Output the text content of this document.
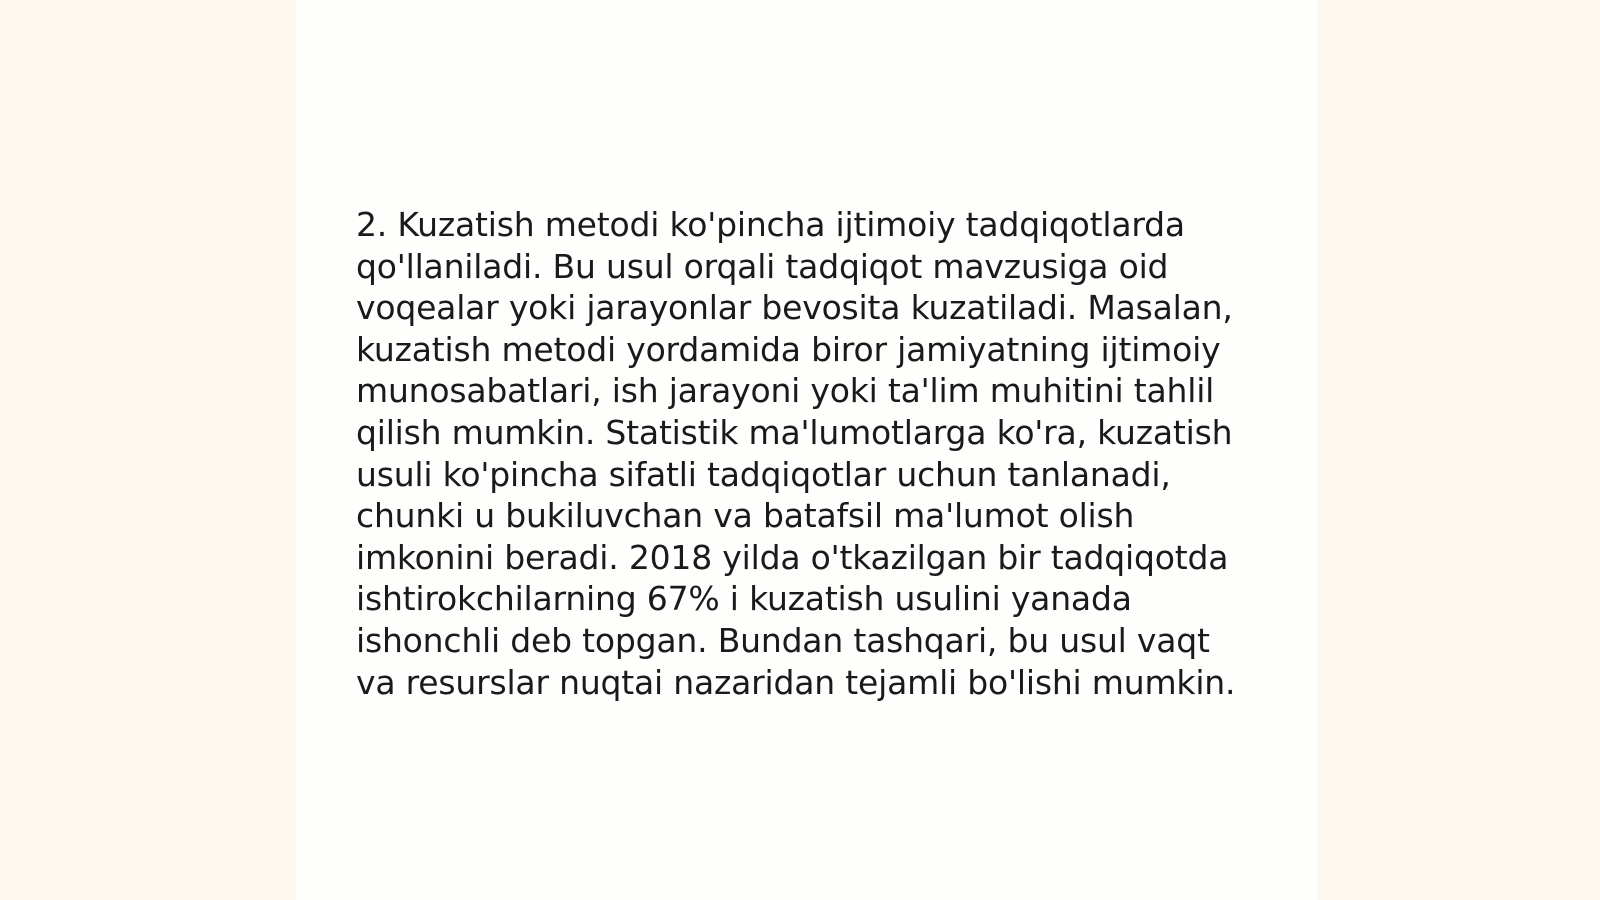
2. Kuzatish metodi ko'pincha ijtimoiy tadqiqotlarda
qo'llaniladi. Bu usul orqali tadqiqot mavzusiga oid
voqealar yoki jarayonlar bevosita kuzatiladi. Masalan,
kuzatish metodi yordamida biror jamiyatning ijtimoiy
munosabatlari, ish jarayoni yoki ta'lim muhitini tahlil
qilish mumkin. Statistik ma'lumotlarga ko'ra, kuzatish
usuli ko'pincha sifatli tadqiqotlar uchun tanlanadi,
chunki u bukiluvchan va batafsil ma'lumot olish
imkonini beradi. 2018 yilda o'tkazilgan bir tadqiqotda
ishtirokchilarning 67% i kuzatish usulini yanada
ishonchli deb topgan. Bundan tashqari, bu usul vaqt
va resurslar nuqtai nazaridan tejamli bo'lishi mumkin.
